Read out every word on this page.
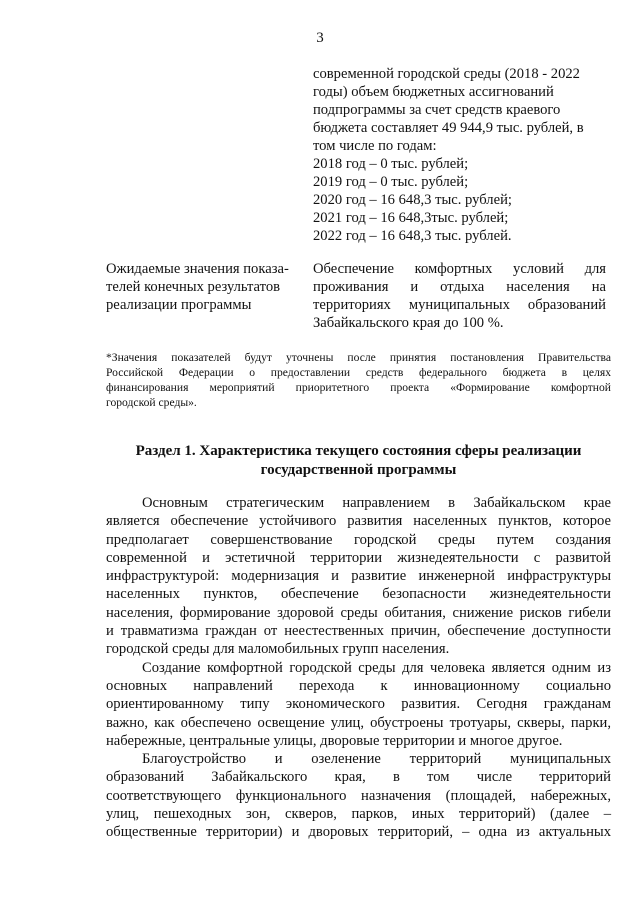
3
современной городской среды (2018 - 2022
годы) объем бюджетных ассигнований
подпрограммы за счет средств краевого
бюджета составляет 49 944,9 тыс. рублей, в
том числе по годам:
2018 год – 0 тыс. рублей;
2019 год – 0 тыс. рублей;
2020 год – 16 648,3 тыс. рублей;
2021 год – 16 648,3тыс. рублей;
2022 год – 16 648,3 тыс. рублей.
Ожидаемые значения показа-
телей конечных результатов
реализации программы
Обеспечение комфортных условий для
проживания и отдыха населения на
территориях муниципальных образований
Забайкальского края до 100 %.
*Значения показателей будут уточнены после принятия постановления Правительства
Российской Федерации о предоставлении средств федерального бюджета в целях
финансирования мероприятий приоритетного проекта «Формирование комфортной
городской среды».
Раздел 1. Характеристика текущего состояния сферы реализации
государственной программы
Основным стратегическим направлением в Забайкальском крае
является обеспечение устойчивого развития населенных пунктов, которое
предполагает совершенствование городской среды путем создания
современной и эстетичной территории жизнедеятельности с развитой
инфраструктурой: модернизация и развитие инженерной инфраструктуры
населенных пунктов, обеспечение безопасности жизнедеятельности
населения, формирование здоровой среды обитания, снижение рисков гибели
и травматизма граждан от неестественных причин, обеспечение доступности
городской среды для маломобильных групп населения.
Создание комфортной городской среды для человека является одним из
основных направлений перехода к инновационному социально
ориентированному типу экономического развития. Сегодня гражданам
важно, как обеспечено освещение улиц, обустроены тротуары, скверы, парки,
набережные, центральные улицы, дворовые территории и многое другое.
Благоустройство и озеленение территорий муниципальных
образований Забайкальского края, в том числе территорий
соответствующего функционального назначения (площадей, набережных,
улиц, пешеходных зон, скверов, парков, иных территорий) (далее –
общественные территории) и дворовых территорий, – одна из актуальных
